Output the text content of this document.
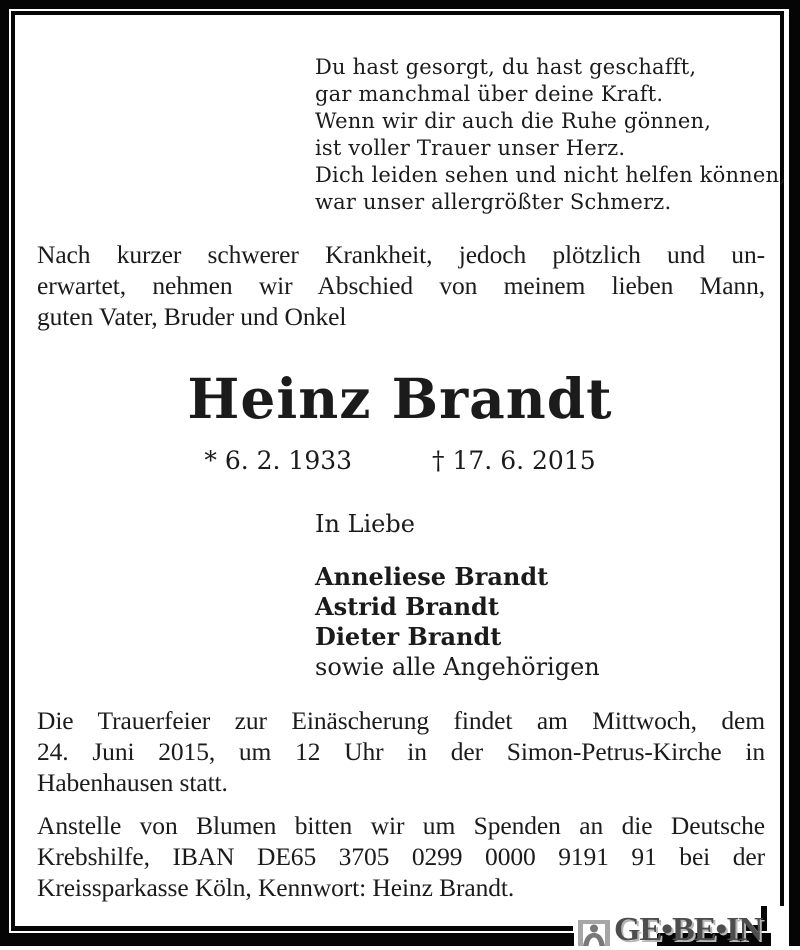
Du hast gesorgt, du hast geschafft,
gar manchmal über deine Kraft.
Wenn wir dir auch die Ruhe gönnen,
ist voller Trauer unser Herz.
Dich leiden sehen und nicht helfen können,
war unser allergrößter Schmerz.
Nach kurzer schwerer Krankheit, jedoch plötzlich und un-
erwartet, nehmen wir Abschied von meinem lieben Mann,
guten Vater, Bruder und Onkel
Heinz Brandt
* 6. 2. 1933	† 17. 6. 2015
In Liebe
Anneliese Brandt
Astrid Brandt
Dieter Brandt
sowie alle Angehörigen
Die Trauerfeier zur Einäscherung findet am Mittwoch, dem
24. Juni 2015, um 12 Uhr in der Simon-Petrus-Kirche in
Habenhausen statt.
Anstelle von Blumen bitten wir um Spenden an die Deutsche
Krebshilfe, IBAN DE65 3705 0299 0000 9191 91 bei der
Kreissparkasse Köln, Kennwort: Heinz Brandt.
GE•BE•IN
